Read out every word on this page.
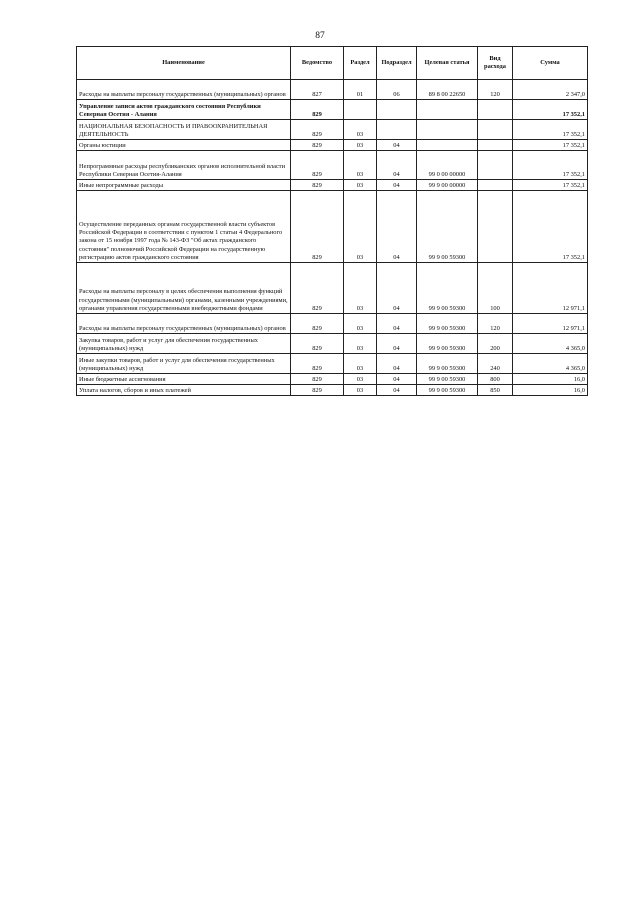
87
Наименование	Ведомство	Раздел	Подраздел	Целевая статья	Вид расхода	Сумма
Расходы на выплаты персоналу государственных (муниципальных) органов	827	01	06	89 8 00 22650	120	2 347,0
Управление записи актов гражданского состояния Республики Северная Осетия - Алания	829					17 352,1
НАЦИОНАЛЬНАЯ БЕЗОПАСНОСТЬ И ПРАВООХРАНИТЕЛЬНАЯ ДЕЯТЕЛЬНОСТЬ	829	03				17 352,1
Органы юстиции	829	03	04			17 352,1
Непрограммные расходы республиканских органов исполнительной власти Республики Северная Осетия-Алания	829	03	04	99 0 00 00000		17 352,1
Иные непрограммные расходы	829	03	04	99 9 00 00000		17 352,1
Осуществление переданных органам государственной власти субъектов Российской Федерации в соответствии с пунктом 1 статьи 4 Федерального закона от 15 ноября 1997 года № 143-ФЗ "Об актах гражданского состояния" полномочий Российской Федерации на государственную регистрацию актов гражданского состояния	829	03	04	99 9 00 59300		17 352,1
Расходы на выплаты персоналу в целях обеспечения выполнения функций государственными (муниципальными) органами, казенными учреждениями, органами управления государственными внебюджетными фондами	829	03	04	99 9 00 59300	100	12 971,1
Расходы на выплаты персоналу государственных (муниципальных) органов	829	03	04	99 9 00 59300	120	12 971,1
Закупка товаров, работ и услуг для обеспечения государственных (муниципальных) нужд	829	03	04	99 9 00 59300	200	4 365,0
Иные закупки товаров, работ и услуг для обеспечения государственных (муниципальных) нужд	829	03	04	99 9 00 59300	240	4 365,0
Иные бюджетные ассигнования	829	03	04	99 9 00 59300	800	16,0
Уплата налогов, сборов и иных платежей	829	03	04	99 9 00 59300	850	16,0
